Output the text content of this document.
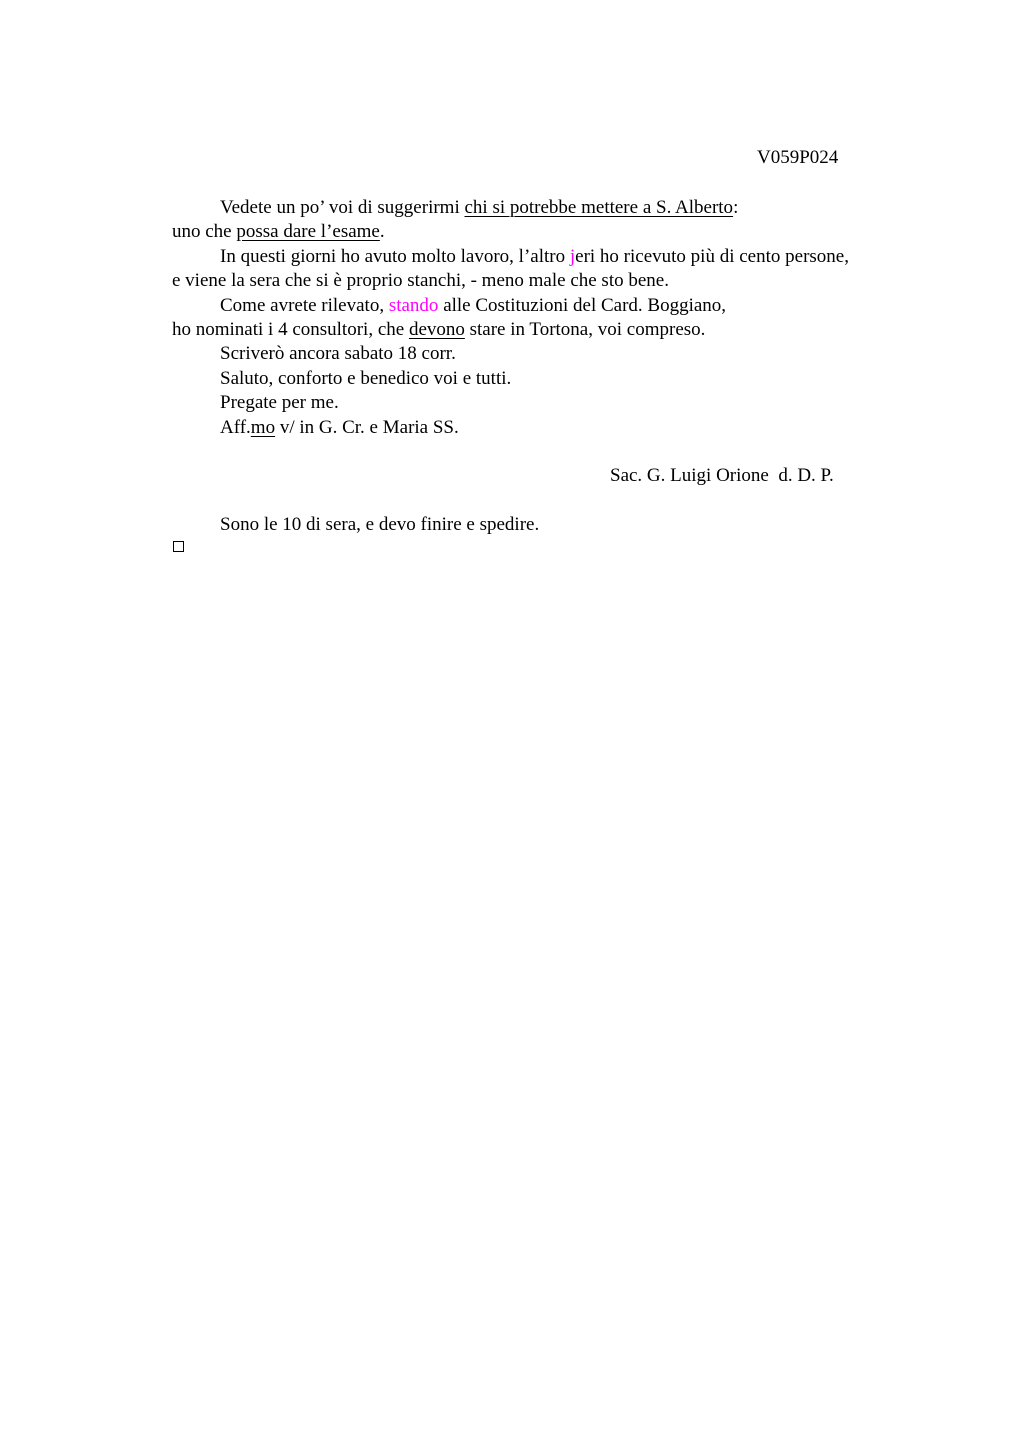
V059P024
Vedete un po’ voi di suggerirmi chi si potrebbe mettere a S. Alberto:
uno che possa dare l’esame.
In questi giorni ho avuto molto lavoro, l’altro jeri ho ricevuto più di cento persone,
e viene la sera che si è proprio stanchi, - meno male che sto bene.
Come avrete rilevato, stando alle Costituzioni del Card. Boggiano,
ho nominati i 4 consultori, che devono stare in Tortona, voi compreso.
Scriverò ancora sabato 18 corr.
Saluto, conforto e benedico voi e tutti.
Pregate per me.
Aff.mo v/ in G. Cr. e Maria SS.
Sac. G. Luigi Orione  d. D. P.
Sono le 10 di sera, e devo finire e spedire.
